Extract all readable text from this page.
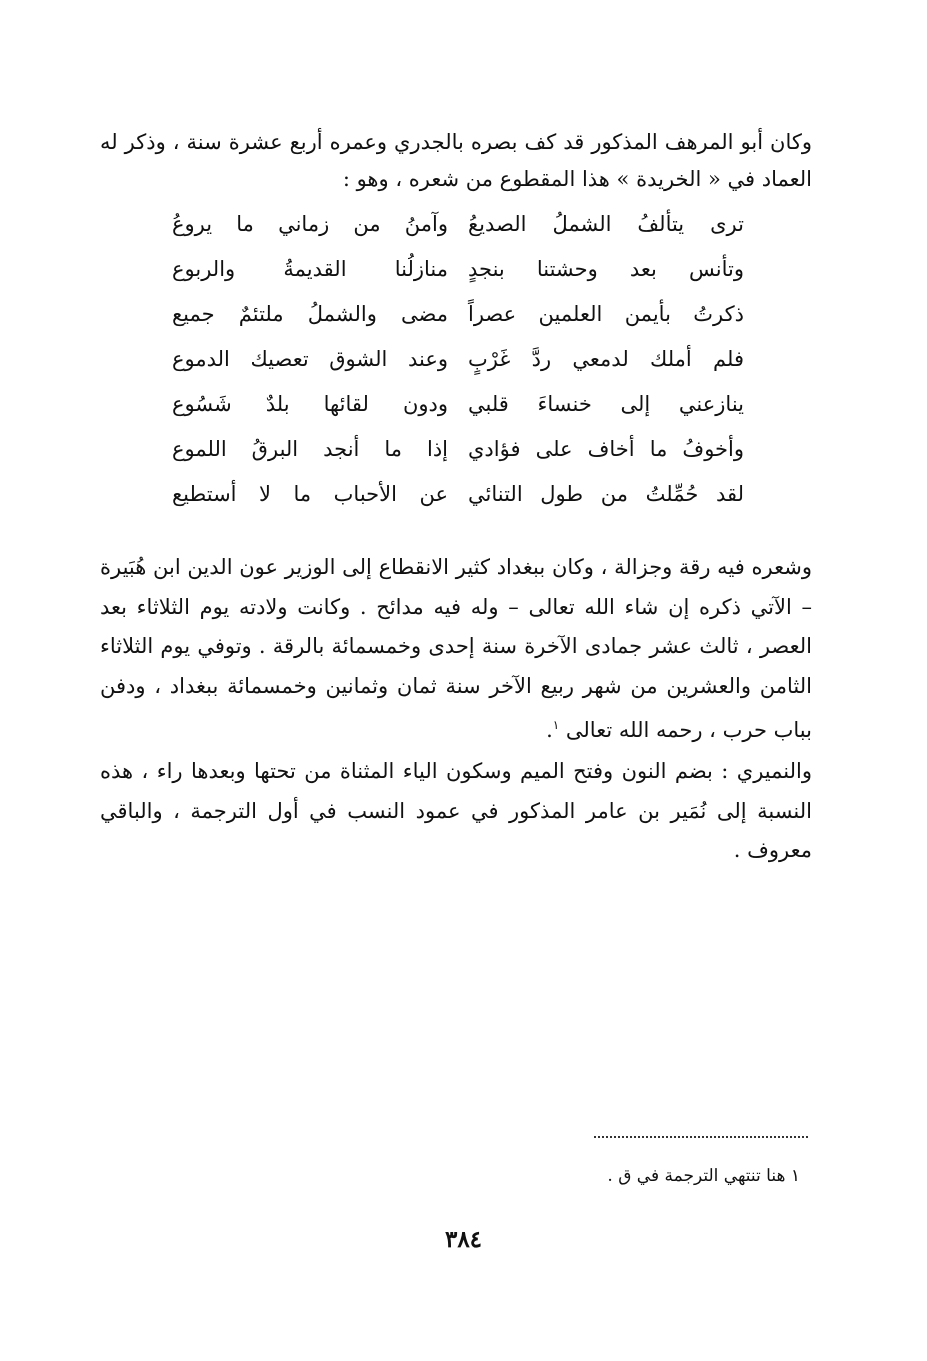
وكان أبو المرهف المذكور قد كف بصره بالجدري وعمره أربع عشرة سنة ، وذكر له العماد في « الخريدة » هذا المقطوع من شعره ، وهو :

ترى يتألفُ الشملُ الصديعُ
وآمنُ من زماني ما يروعُ
وتأنس بعد وحشتنا بنجدٍ
منازلُنا القديمةُ والربوع
ذكرتُ بأيمن العلمين عصراً
مضى والشملُ ملتئمٌ جميع
فلم أملك لدمعي ردَّ غَرْبٍ
وعند الشوق تعصيك الدموع
ينازعني إلى خنساءَ قلبي
ودون لقائها بلدٌ شَسُوع
وأخوفُ ما أخاف على فؤادي
إذا ما أنجد البرقُ اللموع
لقد حُمِّلتُ من طول التنائي
عن الأحباب ما لا أستطيع

وشعره فيه رقة وجزالة ، وكان ببغداد كثير الانقطاع إلى الوزير عون الدين ابن هُبَيرة – الآتي ذكره إن شاء الله تعالى – وله فيه مدائح . وكانت ولادته يوم الثلاثاء بعد العصر ، ثالث عشر جمادى الآخرة سنة إحدى وخمسمائة بالرقة . وتوفي يوم الثلاثاء الثامن والعشرين من شهر ربيع الآخر سنة ثمان وثمانين وخمسمائة ببغداد ، ودفن بباب حرب ، رحمه الله تعالى $^١$.

والنميري : بضم النون وفتح الميم وسكون الياء المثناة من تحتها وبعدها راء ، هذه النسبة إلى نُمَير بن عامر المذكور في عمود النسب في أول الترجمة ، والباقي معروف .

١ هنا تنتهي الترجمة في ق .
٣٨٤
